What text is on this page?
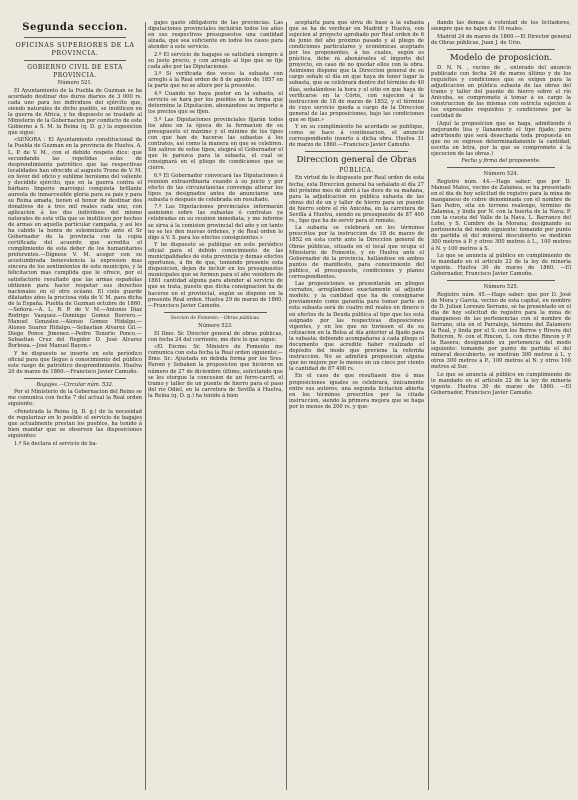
Segunda seccion.
OFICINAS SUPERIORES DE LA PROVINCIA.
GOBIERNO CIVIL DE ESTA PROVINCIA.

Número 521.

El Ayuntamiento de la Puebla de Guzman se ha acordado destinar dos duros diarios de 3 000 rs. cada uno para los individuos del ejército que, siendo naturales de dicho pueblo, se inutilicen en la guerra de Africa, y he dispuesto se traslade al Ministerio de la Gobernacion por conducto de este Gobierno á S. M. la Reina (q. D. g.) la exposicion que sigue:

«SEÑORA : El Ayuntamiento constitucional de la Puebla de Guzman en la provincia de Huelva. A. L. P. de V. M., con el debido respeto dice: que secundando las repetidas solas de desprendimiento patriótico que las respectivas localidades han ofrecido al augusto Trono de V. M. en favor del oficio y sublime heroismo del valiente y decidido ejército, que en la guerra contra el bárbaro Imperio marroquí conquista brillante aureola de inmarcesible gloria para su pais y para su Reina amada, tienen el honor de destinar dos donativos de á tres mil reales cada uno, con aplicacion á los dos individuos del mismo naturales de este villa que se inutilicen por hechos de armas en aquella particular campaña, y así les ha cabido la honra de solemnizarlo ante el Sr Gobernador de la provincia con la copia certificada del acuerdo que acredita el cumplimiento de esta deber de los humanitarios preferentes.—Dígnese V. M. acoger con su acostumbrada benevolencia la expresion mas sincera de los sentimientos de este municipio, y la felicitacion mas cumplida que le ofrece, por el satisfactorio resultado que las armas españolas obtienen para hacer respetar sus derechos nacionales en el otro océano. El cielo guarde dilatados años la preciosa vida de V. M. para dicha de la España. Puebla de Guzman octubre de 1860.—Señora.—A. L. R. P. de V. M.—Antonio Diaz Rodrigo Vazquez.—Domingo Gomez Borrero.—Manuel Gonzalez.—Alonso Gomez Hidalgo.—Alonso Suarez Hidalgo.—Sebastian Alvarez Gil.—Diego Ponce Jimenez.—Pedro Tenorio Ponce.—Sebastian Cruz del Regidor D. José Alvarez Borboza.—José Manuel Bayon.»

Y he dispuesto se inserte en este periódico oficial para que llegue á conocimiento del público este rasgo de patriótico desprendimiento. Huelva 20 de marzo de 1860.—Francisco Javier Camuño.

Bagajes.—Circular núm. 532.

Por el Ministerio de la Gobernacion del Reino se me comunica con fecha 7 del actual la Real orden siguiente:

«Penetrada la Reina (q. D. g.) de la necesidad de regularizar en lo posible el servicio de bagajes que actualmente prestan los pueblos, ha tenido á bien mandar que se observen las disposiciones siguientes:

1.º Se declara el servicio de ba-

gajes gasto obligatorio de las provincias. Las diputaciones provinciales incluirán todos los años en sus respectivos presupuestos una cantidad alzada, que sea suficiente en todos los casos para atender á este servicio.

2.º El servicio de bagajes se satisfará siempre á su justo precio, y con arreglo al tipo que se fije cada año por las Diputaciones.

3.º Si verificada dos veces la subasta con arreglo á la Real orden de 8 de agosto de 1857 en la parte que no se altere por la presente.

4.º Cuando no haya postor en la subasta, el servicio se hará por los pueblos en la forma que determine la Diputacion, abonándose su importe á los precios que se fijen.

5.º Las Diputaciones provinciales fijarán todos los años en la época de la formacion de su presupuesto el máximo y el mínimo de los tipos con que han de hacerse las subastas á los contratos, así como la manera en que se celebren. Sin salirse de estos tipos, elegirá el Gobernador el que le parezca para la subasta, el cual se consignará en el pliego de condiciones que se cierre.

6.º El Gobernador convocará las Diputaciones á reunion extraordinaria cuando á su juicio y por efecto de las circunstancias convenga alterar los tipos ya designados antes de anunciarse una subasta ó después de celebrada sin resultado.

7.º Las Diputaciones provinciales informarán asimismo sobre las subastas ó contratas ya celebradas en su reunion inmediata, y me informe se sirva á la comision provincial del año y en tanto no se les den nuevas órdenes, y de Real orden lo digo á V. S. para los efectos consiguientes.»

Y he dispuesto se publique en este periódico oficial para el debido conocimiento de las municipalidades de esta provincia y demas efectos oportunos, á fin de que, teniendo presente esta disposicion, dejen de incluir en los presupuestos municipales que se formen para el año venidero de 1861 cantidad alguna para atender al servicio de que se trata, puesto que dicha consignacion ha de hacerse en el provincial, según se dispone en la presente Real orden. Huelva 29 de marzo de 1860.—Francisco Javier Camuño.

Seccion de Fomento.—Obras públicas.

Número 523.

El Ilmo. Sr. Director general de obras públicas, con fecha 24 del corriente, me dice lo que sigue:

«El Excmo. Sr. Ministro de Fomento me comunica con esta fecha la Real orden siguiente:—Ilmo. Sr.: Ajustada en debida forma por los Sres. Paroni y Sebaken la proposicion que hicieron en número de 27 de diciembre último, solicitando que se les otorgue la concesion de un ferro-carril, el tramo y taller de un puente de hierro para el paso del río Odiel, en la carretera de Sevilla á Huelva, la Reina (q. D. g.) ha tenido á bien

aceptarla para que sirva de base á la subasta que se ha de verificar en Madrid y Huelva, con sujecion al proyecto aprobado por Real orden de 6 de junio del año próximo pasado y al pliego de condiciones particulares y económicas aceptado por los proponentes, á los cuales, según es práctica, debe rá abonárseles el importe del proyecto, en caso de no quedar ellos con la obra. Asimismo dispone que la Direccion general de su cargo señale el día en que haya de tener lugar la subasta, que se celebrará dentro del término de 40 días, señalándose la hora y el sitio en que haya de verificarse en la Córte, con sujecion á la instruccion de 18 de marzo de 1852, y el término de cuyo servicio queda a cargo de la Direccion general de las proposiciones, bajo las condiciones que se fijan.»

Y en su cumplimiento he acordado se publique, como se hace á continuacion, el anuncio correspondiente inserto á dicha obra. Huelva 31 de marzo de 1860.—Francisco Javier Camuño.

Direccion general de Obras
PÚBLICA.

En virtud de lo dispuesto por Real orden de esta fecha, esta Direccion general ha señalado el día 27 del próximo mes de abril á las doce de su mañana, para la adjudicacion en pública subasta de las obras del de un y taller de hierro para un puente de hierro sobre el río Anicoba, en la carretera de Sevilla á Huelva, siendo su presupuesto de 87 400 rs., tipo que ha de servir para el remate.

La subasta se celebrará en los términos prescritos por la instruccion de 18 de marzo de 1852 en esta corte ante la Direccion general de Obras públicas, situada en el local que ocupa el Ministerio de Fomento, y en Huelva ante el Gobernador de la provincia, hallándose en ambos puntos de manifiesto, para conocimiento del público, el presupuesto, condiciones y planos correspondientes.

Las proposiciones se presentarán en pliegos cerrados, arreglándose exactamente al adjunto modelo; y la cantidad que ha de consignarse previamente como garantía para tomar parte en esta subasta será de cuatro mil reales en dinero ó en efectos de la Deuda pública al tipo que les está asignado por las respectivas disposiciones vigentes, y en los que no tuviesen el de su cotizacion en la Bolsa al día anterior al fijado para la subasta; debiendo acompañarse á cada pliego el documento que acredite haber realizado el depósito del modo que previene la referida instruccion. No se admitirá proposicion alguna que no mejore por lo menos en un cinco por ciento la cantidad de 87 400 rs.

En el caso de que resultasen dos ó mas proposiciones iguales se celebrará, únicamente entre sus autores, una segunda licitacion abierta en los términos prescritos por la citada instruccion, siendo la primera mejora que se haga por lo menos de 200 rs. y que-

dando las demas á voluntad de los licitadores, siempre que no bajen de 10 reales.

Madrid 24 de marzo de 1860.—El Director general de Obras públicas, Juan J. de Urio.

Modelo de proposicion.

D. N. N. , vecino de , enterado del anuncio publicado con fecha 24 de marzo último y de los requisitos y condiciones que se exigen para la adjudicacion en pública subasta de las obras del tramo y taller del puente de hierro sobre el río Anicoba, se compromete á tomar á su cargo la construccion de las mismas con estricta sujecion á los expresados requisitos y condiciones por la cantidad de

(Aquí la proposicion que se haga, admitiendo ó mejorando lisa y llanamente el tipo fijado; pero advirtiendo que será desechada toda propuesta en que no se exprese determinadamente la cantidad, escrita en letra, por la que se compromete á la ejecucion de las obras.)

Fecha y firma del proponente.

Número 524.

Registro núm. 44.—Hago saber: que por D. Manuel Matos, vecino de Zalamea, se ha presentado en el dia de hoy solicitud de registro para la mina de manganeso de cobre denominada con el nombre de San Pedro, sita en terreno realengo, término de Zalamea, y linda por N. con la huerta de la Nava; P. con la cuesta del Valle de la Nava, L. Barranco del Lobo, y S. Cumbre de la Morana; designando su pertenencia del modo siguiente: tomando por punto de partida el del mineral descubierto se medirán 300 metros á P. y otros 300 metros á L., 100 metros á N. y 100 metros á S.

Lo que se anuncia al público en cumplimiento de lo mandado en el artículo 22 de la ley de minería vigente. Huelva 30 de marzo de 1860. —El Gobernador, Francisco Javier Camuño.

Número 525.

Registro núm. 45.—Hago saber: que por D. José de Mora y Garcia, vecino de esta capital, en nombre de D. Julian Lorenzo Serrano, se ha presentado en el dia de hoy solicitud de registro para la mina de manganeso de las pertenencias con el nombre de Serrano, sita en el Parralejo, término del Zalamero la Real, y linda por el S. con los Berros y Rivera del Boticron, N. con el Rincon, L. con dicho Rincon y P. la Rasera; designando su pertenencia del modo siguiente: tomando por punto de partida el del mineral descubierto, se medirán 300 metros á L. y otros 300 metros á P., 100 metros al N. y otros 100 metros al Sur.

Lo que se anuncia al público en cumplimiento de lo mandado en el artículo 22 de la ley de minería vigente. Huelva 30 de marzo de 1860. —El Gobernador, Francisco Javier Camuño.
